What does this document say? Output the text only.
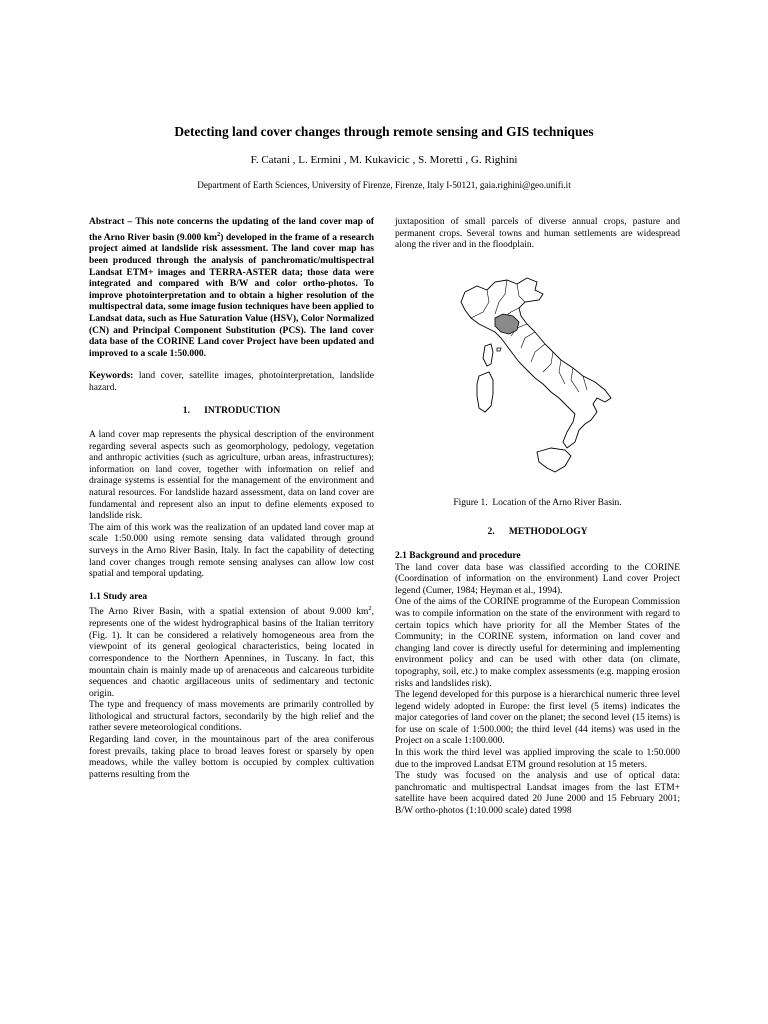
Detecting land cover changes through remote sensing and GIS techniques
F. Catani , L. Ermini , M. Kukavicic , S. Moretti , G. Righini
Department of Earth Sciences, University of Firenze, Firenze, Italy I-50121, gaia.righini@geo.unifi.it

Abstract – This note concerns the updating of the land cover map of the Arno River basin (9.000 $km^2$) developed in the frame of a research project aimed at landslide risk assessment. The land cover map has been produced through the analysis of panchromatic/multispectral Landsat ETM+ images and TERRA-ASTER data; those data were integrated and compared with B/W and color ortho-photos. To improve photointerpretation and to obtain a higher resolution of the multispectral data, some image fusion techniques have been applied to Landsat data, such as Hue Saturation Value (HSV), Color Normalized (CN) and Principal Component Substitution (PCS). The land cover data base of the CORINE Land cover Project have been updated and improved to a scale 1:50.000.

Keywords: land cover, satellite images, photointerpretation, landslide hazard.

1.      INTRODUCTION

A land cover map represents the physical description of the environment regarding several aspects such as geomorphology, pedology, vegetation and anthropic activities (such as agriculture, urban areas, infrastructures); information on land cover, together with information on relief and drainage systems is essential for the management of the environment and natural resources. For landslide hazard assessment, data on land cover are fundamental and represent also an input to define elements exposed to landslide risk.

The aim of this work was the realization of an updated land cover map at scale 1:50.000 using remote sensing data validated through ground surveys in the Arno River Basin, Italy. In fact the capability of detecting land cover changes trough remote sensing analyses can allow low cost spatial and temporal updating.

1.1 Study area

The Arno River Basin, with a spatial extension of about 9.000 $km^2$, represents one of the widest hydrographical basins of the Italian territory (Fig. 1). It can be considered a relatively homogeneous area from the viewpoint of its general geological characteristics, being located in correspondence to the Northern Apennines, in Tuscany. In fact, this mountain chain is mainly made up of arenaceous and calcareous turbidite sequences and chaotic argillaceous units of sedimentary and tectonic origin.

The type and frequency of mass movements are primarily controlled by lithological and structural factors, secondarily by the high relief and the rather severe meteorological conditions.

Regarding land cover, in the mountainous part of the area coniferous forest prevails, taking place to broad leaves forest or sparsely by open meadows, while the valley bottom is occupied by complex cultivation patterns resulting from the

juxtaposition of small parcels of diverse annual crops, pasture and permanent crops. Several towns and human settlements are widespread along the river and in the floodplain.

Figure 1.  Location of the Arno River Basin.

2.      METHODOLOGY

2.1 Background and procedure

The land cover data base was classified according to the CORINE (Coordination of information on the environment) Land cover Project legend (Cumer, 1984; Heyman et al., 1994).

One of the aims of the CORINE programme of the European Commission was to compile information on the state of the environment with regard to certain topics which have priority for all the Member States of the Community; in the CORINE system, information on land cover and changing land cover is directly useful for determining and implementing environment policy and can be used with other data (on climate, topography, soil, etc.) to make complex assessments (e.g. mapping erosion risks and landslides risk).

The legend developed for this purpose is a hierarchical numeric three level legend widely adopted in Europe: the first level (5 items) indicates the major categories of land cover on the planet; the second level (15 items) is for use on scale of 1:500.000; the third level (44 items) was used in the Project on a scale 1:100.000.

In this work the third level was applied improving the scale to 1:50.000 due to the improved Landsat ETM ground resolution at 15 meters.

The study was focused on the analysis and use of optical data: panchromatic and multispectral Landsat images from the last ETM+ satellite have been acquired dated 20 June 2000 and 15 February 2001; B/W ortho-photos (1:10.000 scale) dated 1998
